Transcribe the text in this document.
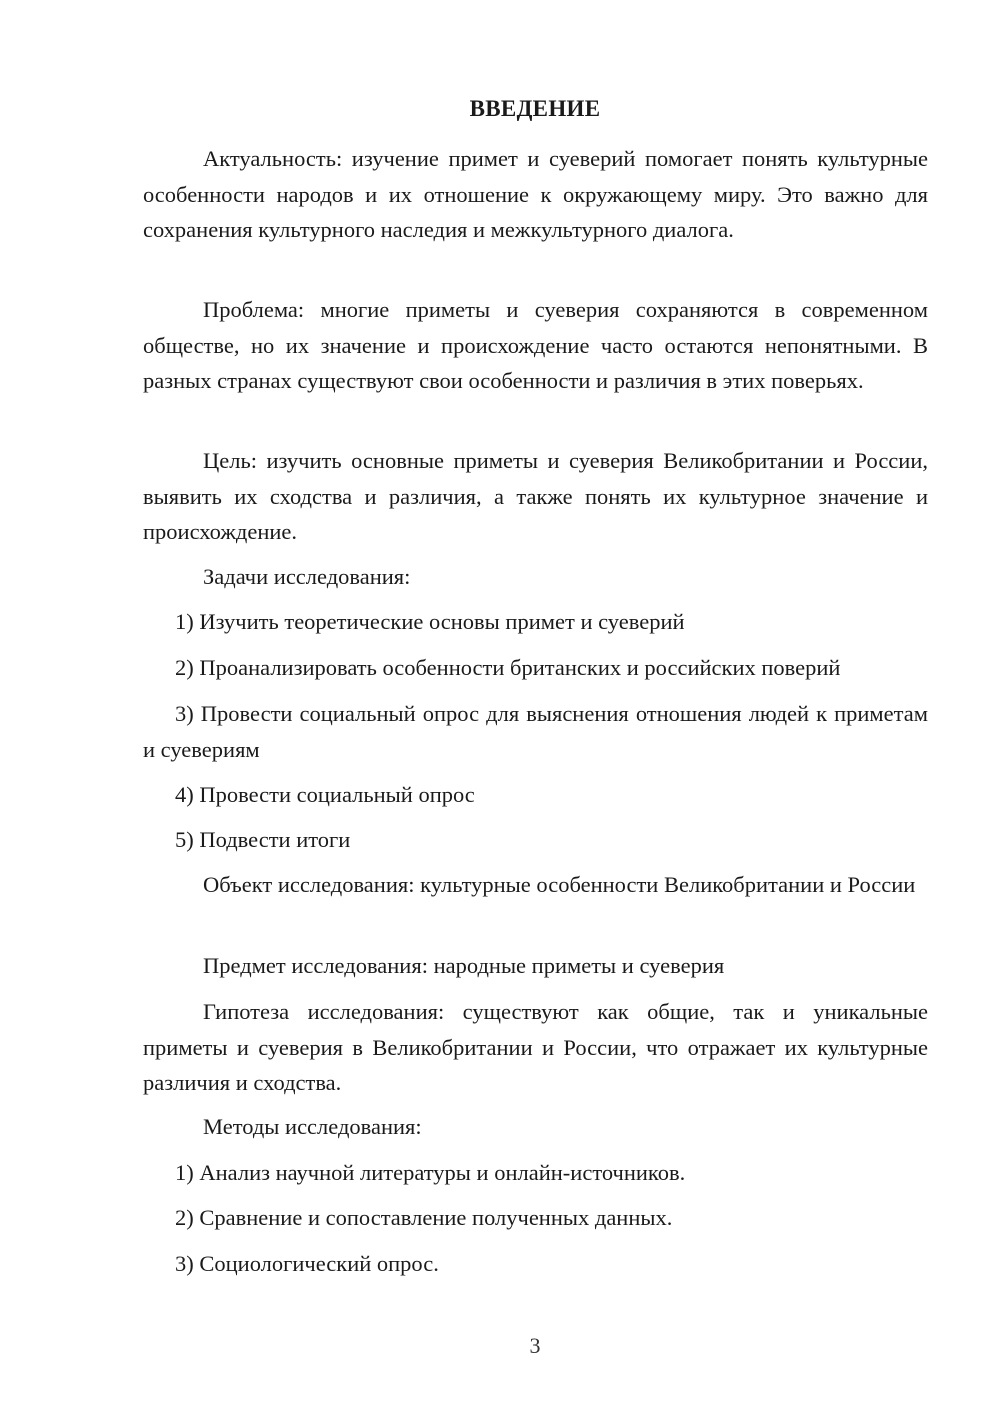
ВВЕДЕНИЕ

Актуальность: изучение примет и суеверий помогает понять культурные особенности народов и их отношение к окружающему миру. Это важно для сохранения культурного наследия и межкультурного диалога.

Проблема: многие приметы и суеверия сохраняются в современном обществе, но их значение и происхождение часто остаются непонятными. В разных странах существуют свои особенности и различия в этих поверьях.

Цель: изучить основные приметы и суеверия Великобритании и России, выявить их сходства и различия, а также понять их культурное значение и происхождение.

Задачи исследования:

1) Изучить теоретические основы примет и суеверий

2) Проанализировать особенности британских и российских поверий

3) Провести социальный опрос для выяснения отношения людей к приметам и суевериям

4) Провести социальный опрос

5) Подвести итоги

Объект исследования: культурные особенности Великобритании и России

Предмет исследования: народные приметы и суеверия

Гипотеза исследования: существуют как общие, так и уникальные приметы и суеверия в Великобритании и России, что отражает их культурные различия и сходства.

Методы исследования:

1) Анализ научной литературы и онлайн-источников.

2) Сравнение и сопоставление полученных данных.

3) Социологический опрос.

3
